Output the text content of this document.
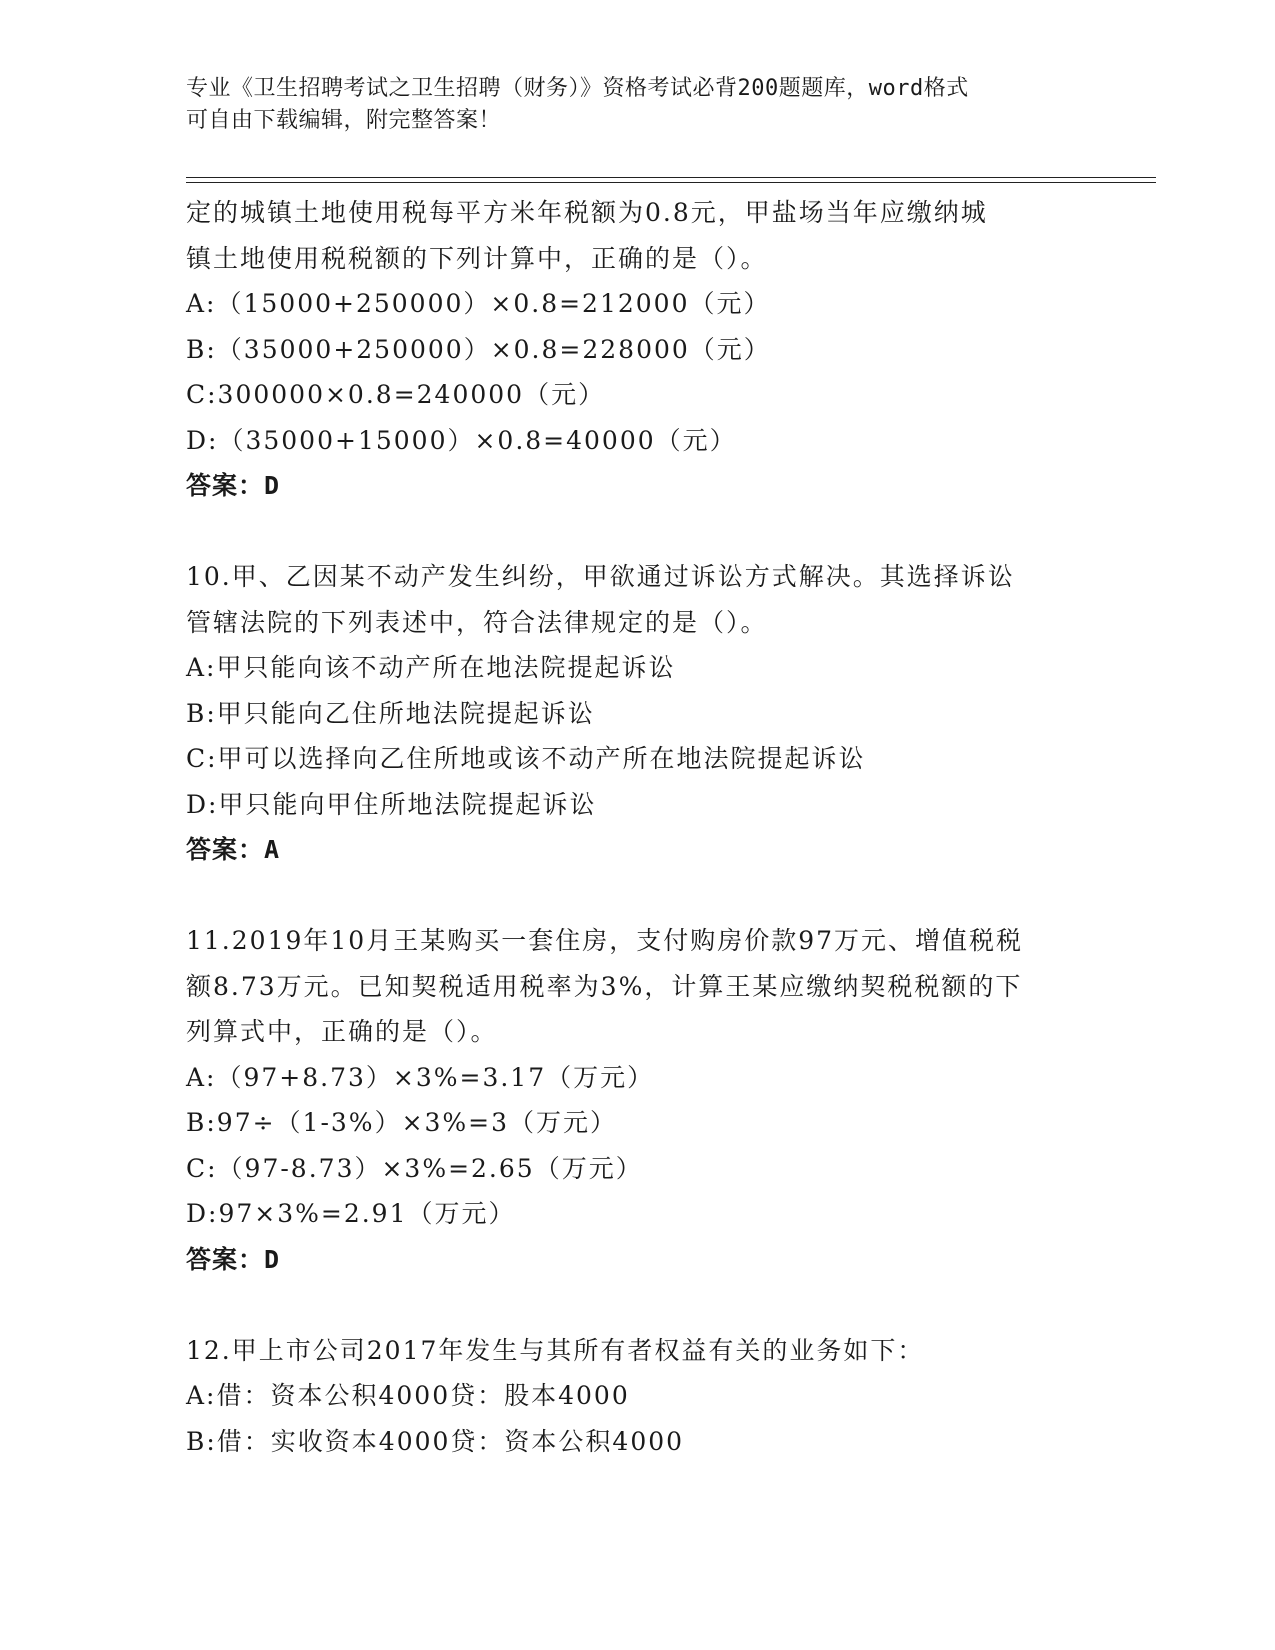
专业《卫生招聘考试之卫生招聘（财务）》资格考试必背200题题库，word格式
可自由下载编辑，附完整答案！
定的城镇土地使用税每平方米年税额为0.8元，甲盐场当年应缴纳城
镇土地使用税税额的下列计算中，正确的是（）。
A:（15000+250000）×0.8=212000（元）
B:（35000+250000）×0.8=228000（元）
C:300000×0.8=240000（元）
D:（35000+15000）×0.8=40000（元）
答案：D
10.甲、乙因某不动产发生纠纷，甲欲通过诉讼方式解决。其选择诉讼
管辖法院的下列表述中，符合法律规定的是（）。
A:甲只能向该不动产所在地法院提起诉讼
B:甲只能向乙住所地法院提起诉讼
C:甲可以选择向乙住所地或该不动产所在地法院提起诉讼
D:甲只能向甲住所地法院提起诉讼
答案：A
11.2019年10月王某购买一套住房，支付购房价款97万元、增值税税
额8.73万元。已知契税适用税率为3%，计算王某应缴纳契税税额的下
列算式中，正确的是（）。
A:（97+8.73）×3%=3.17（万元）
B:97÷（1-3%）×3%=3（万元）
C:（97-8.73）×3%=2.65（万元）
D:97×3%=2.91（万元）
答案：D
12.甲上市公司2017年发生与其所有者权益有关的业务如下：
A:借：资本公积4000贷：股本4000
B:借：实收资本4000贷：资本公积4000
